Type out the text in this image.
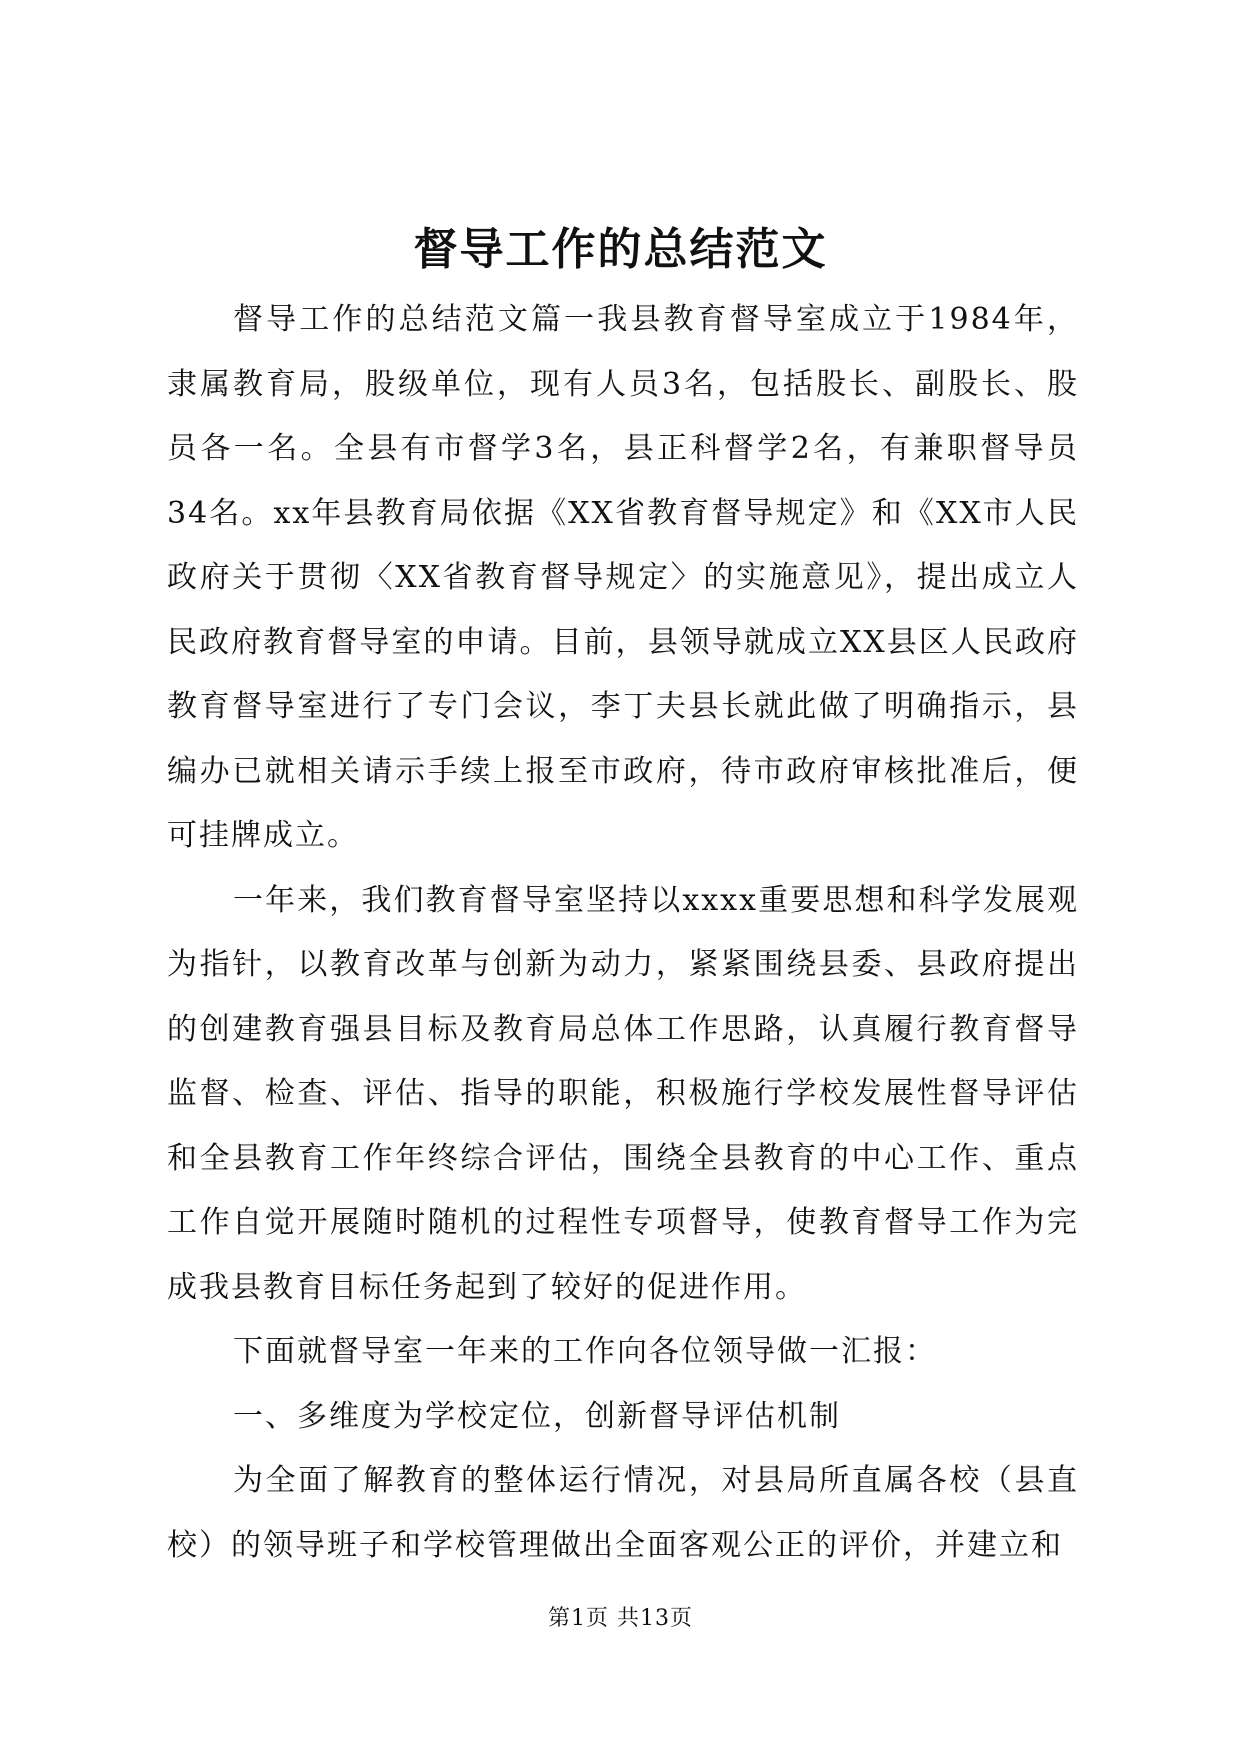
督导工作的总结范文

督导工作的总结范文篇一我县教育督导室成立于1984年，隶属教育局，股级单位，现有人员3名，包括股长、副股长、股员各一名。全县有市督学3名，县正科督学2名，有兼职督导员34名。xx年县教育局依据《XX省教育督导规定》和《XX市人民政府关于贯彻〈XX省教育督导规定〉的实施意见》，提出成立人民政府教育督导室的申请。目前，县领导就成立XX县区人民政府教育督导室进行了专门会议，李丁夫县长就此做了明确指示，县编办已就相关请示手续上报至市政府，待市政府审核批准后，便可挂牌成立。

一年来，我们教育督导室坚持以xxxx重要思想和科学发展观为指针，以教育改革与创新为动力，紧紧围绕县委、县政府提出的创建教育强县目标及教育局总体工作思路，认真履行教育督导监督、检查、评估、指导的职能，积极施行学校发展性督导评估和全县教育工作年终综合评估，围绕全县教育的中心工作、重点工作自觉开展随时随机的过程性专项督导，使教育督导工作为完成我县教育目标任务起到了较好的促进作用。

下面就督导室一年来的工作向各位领导做一汇报：

一、多维度为学校定位，创新督导评估机制

为全面了解教育的整体运行情况，对县局所直属各校（县直校）的领导班子和学校管理做出全面客观公正的评价，并建立和

第1页 共13页
